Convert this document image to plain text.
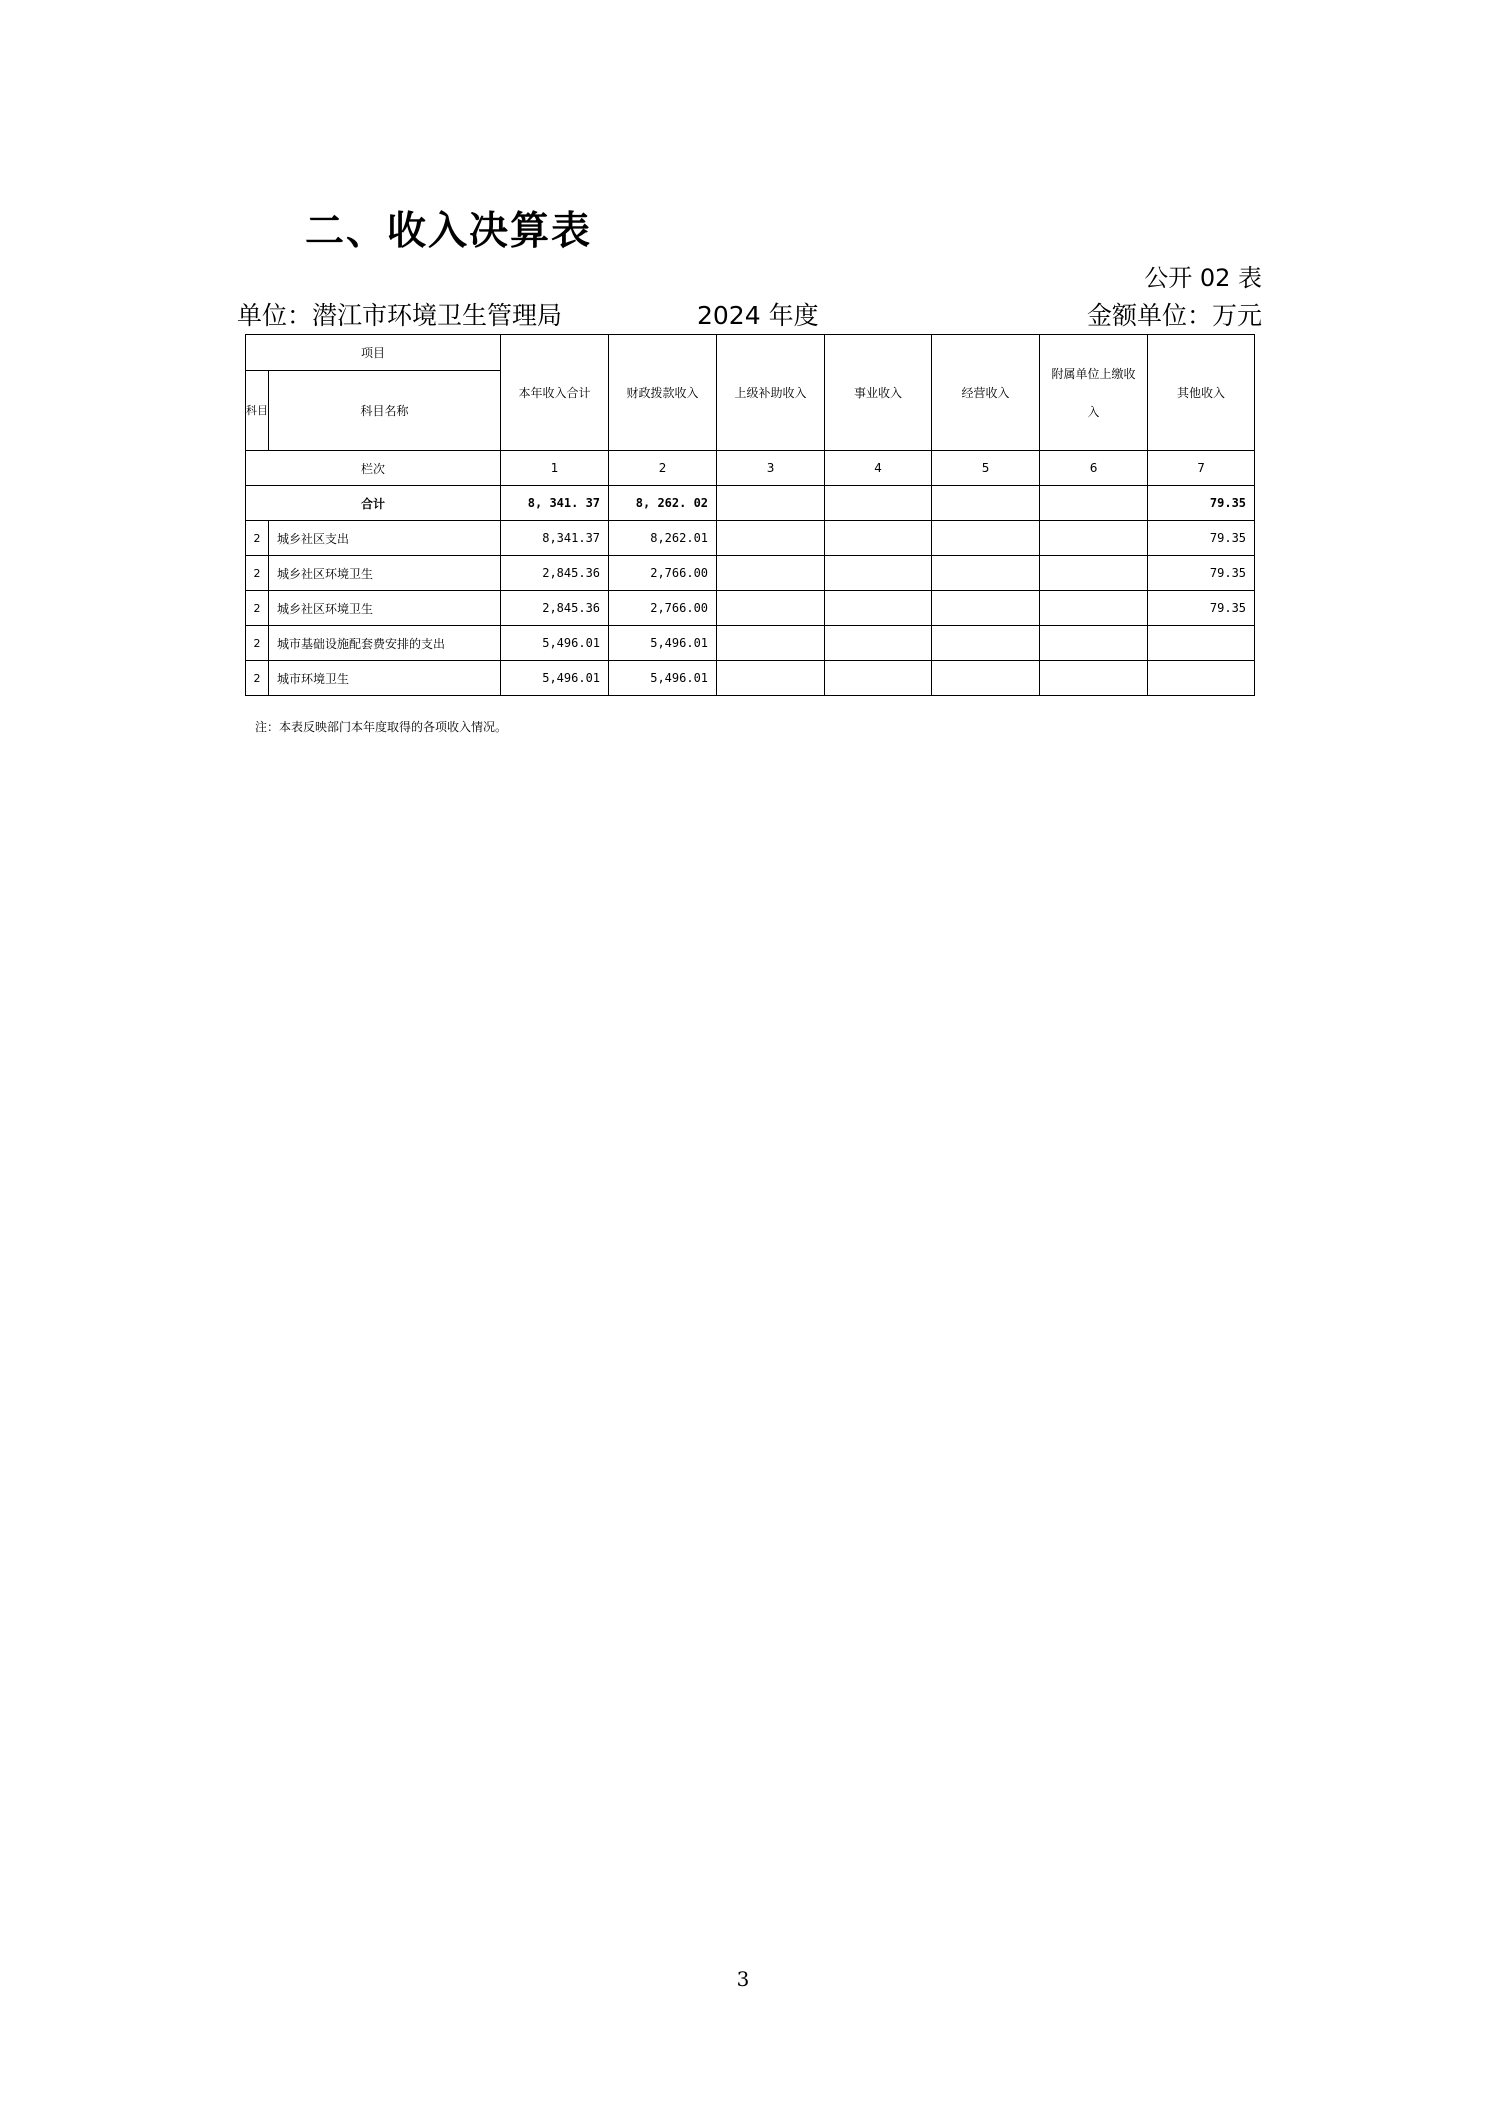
二、收入决算表
公开 02 表
单位：潜江市环境卫生管理局	2024 年度	金额单位：万元
项目		本年收入合计	财政拨款收入	上级补助收入	事业收入	经营收入	附属单位上缴收入	其他收入
科目	科目名称							
栏次		1	2	3	4	5	6	7
合计		8, 341. 37	8, 262. 02					79.35
2	城乡社区支出	8,341.37	8,262.01					79.35
2	城乡社区环境卫生	2,845.36	2,766.00					79.35
2	城乡社区环境卫生	2,845.36	2,766.00					79.35
2	城市基础设施配套费安排的支出	5,496.01	5,496.01					
2	城市环境卫生	5,496.01	5,496.01					
注：本表反映部门本年度取得的各项收入情况。
3
